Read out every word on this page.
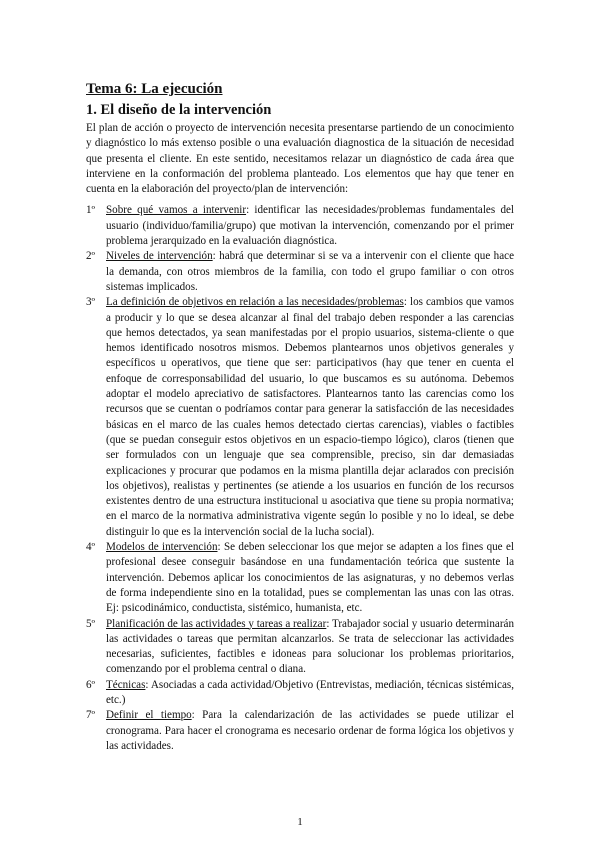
Tema 6: La ejecución
1. El diseño de la intervención

El plan de acción o proyecto de intervención necesita presentarse partiendo de un conocimiento y diagnóstico lo más extenso posible o una evaluación diagnostica de la situación de necesidad que presenta el cliente. En este sentido, necesitamos relazar un diagnóstico de cada área que interviene en la conformación del problema planteado. Los elementos que hay que tener en cuenta en la elaboración del proyecto/plan de intervención:

1º Sobre qué vamos a intervenir: identificar las necesidades/problemas fundamentales del usuario (individuo/familia/grupo) que motivan la intervención, comenzando por el primer problema jerarquizado en la evaluación diagnóstica.
2º Niveles de intervención: habrá que determinar si se va a intervenir con el cliente que hace la demanda, con otros miembros de la familia, con todo el grupo familiar o con otros sistemas implicados.
3º La definición de objetivos en relación a las necesidades/problemas: los cambios que vamos a producir y lo que se desea alcanzar al final del trabajo deben responder a las carencias que hemos detectados, ya sean manifestadas por el propio usuarios, sistema-cliente o que hemos identificado nosotros mismos. Debemos plantearnos unos objetivos generales y específicos u operativos, que tiene que ser: participativos (hay que tener en cuenta el enfoque de corresponsabilidad del usuario, lo que buscamos es su autónoma. Debemos adoptar el modelo apreciativo de satisfactores. Plantearnos tanto las carencias como los recursos que se cuentan o podríamos contar para generar la satisfacción de las necesidades básicas en el marco de las cuales hemos detectado ciertas carencias), viables o factibles (que se puedan conseguir estos objetivos en un espacio-tiempo lógico), claros (tienen que ser formulados con un lenguaje que sea comprensible, preciso, sin dar demasiadas explicaciones y procurar que podamos en la misma plantilla dejar aclarados con precisión los objetivos), realistas y pertinentes (se atiende a los usuarios en función de los recursos existentes dentro de una estructura institucional u asociativa que tiene su propia normativa; en el marco de la normativa administrativa vigente según lo posible y no lo ideal, se debe distinguir lo que es la intervención social de la lucha social).
4º Modelos de intervención: Se deben seleccionar los que mejor se adapten a los fines que el profesional desee conseguir basándose en una fundamentación teórica que sustente la intervención. Debemos aplicar los conocimientos de las asignaturas, y no debemos verlas de forma independiente sino en la totalidad, pues se complementan las unas con las otras. Ej: psicodinámico, conductista, sistémico, humanista, etc.
5º Planificación de las actividades y tareas a realizar: Trabajador social y usuario determinarán las actividades o tareas que permitan alcanzarlos. Se trata de seleccionar las actividades necesarias, suficientes, factibles e idoneas para solucionar los problemas prioritarios, comenzando por el problema central o diana.
6º Técnicas: Asociadas a cada actividad/Objetivo (Entrevistas, mediación, técnicas sistémicas, etc.)
7º Definir el tiempo: Para la calendarización de las actividades se puede utilizar el cronograma. Para hacer el cronograma es necesario ordenar de forma lógica los objetivos y las actividades.
1
